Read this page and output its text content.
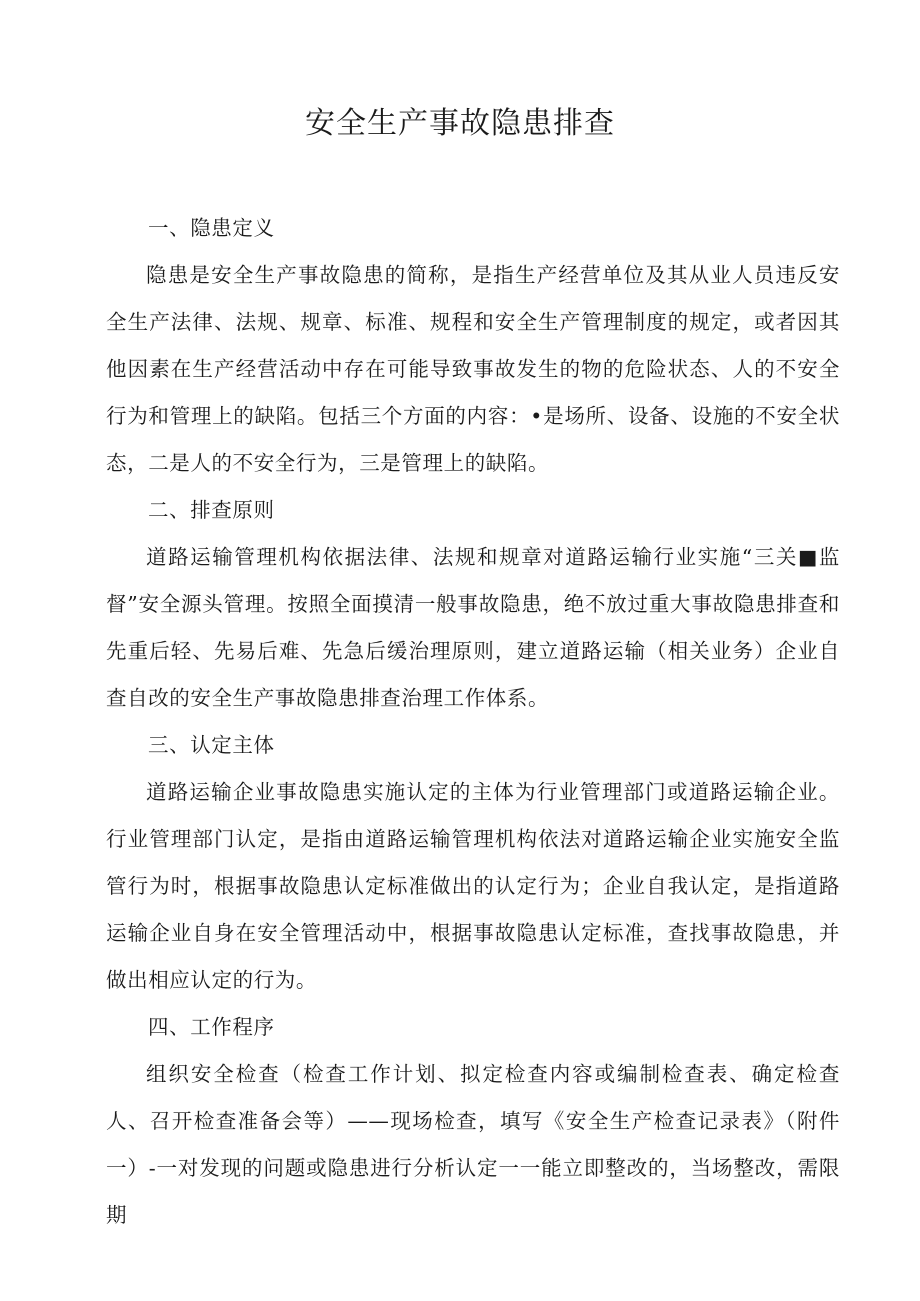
安全生产事故隐患排查

一、隐患定义

隐患是安全生产事故隐患的简称，是指生产经营单位及其从业人员违反安全生产法律、法规、规章、标准、规程和安全生产管理制度的规定，或者因其他因素在生产经营活动中存在可能导致事故发生的物的危险状态、人的不安全行为和管理上的缺陷。包括三个方面的内容：•是场所、设备、设施的不安全状态，二是人的不安全行为，三是管理上的缺陷。

二、排查原则

道路运输管理机构依据法律、法规和规章对道路运输行业实施“三关■监督”安全源头管理。按照全面摸清一般事故隐患，绝不放过重大事故隐患排查和先重后轻、先易后难、先急后缓治理原则，建立道路运输（相关业务）企业自查自改的安全生产事故隐患排查治理工作体系。

三、认定主体

道路运输企业事故隐患实施认定的主体为行业管理部门或道路运输企业。行业管理部门认定，是指由道路运输管理机构依法对道路运输企业实施安全监管行为时，根据事故隐患认定标准做出的认定行为；企业自我认定，是指道路运输企业自身在安全管理活动中，根据事故隐患认定标准，查找事故隐患，并做出相应认定的行为。

四、工作程序

组织安全检查（检查工作计划、拟定检查内容或编制检查表、确定检查人、召开检查准备会等）——现场检查，填写《安全生产检查记录表》（附件一）-一对发现的问题或隐患进行分析认定一一能立即整改的，当场整改，需限期
